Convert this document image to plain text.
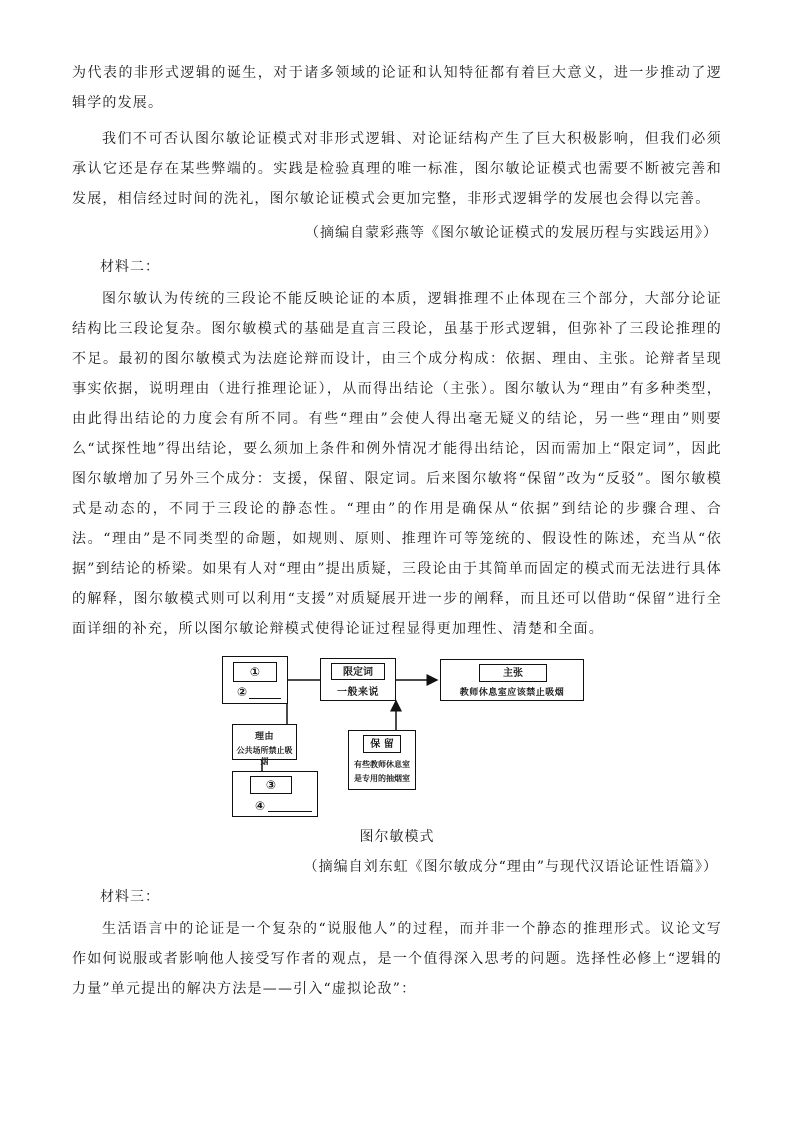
为代表的非形式逻辑的诞生，对于诸多领域的论证和认知特征都有着巨大意义，进一步推动了逻辑学的发展。

我们不可否认图尔敏论证模式对非形式逻辑、对论证结构产生了巨大积极影响，但我们必须承认它还是存在某些弊端的。实践是检验真理的唯一标准，图尔敏论证模式也需要不断被完善和发展，相信经过时间的洗礼，图尔敏论证模式会更加完整，非形式逻辑学的发展也会得以完善。

（摘编自蒙彩燕等《图尔敏论证模式的发展历程与实践运用》）
材料二：

图尔敏认为传统的三段论不能反映论证的本质，逻辑推理不止体现在三个部分，大部分论证结构比三段论复杂。图尔敏模式的基础是直言三段论，虽基于形式逻辑，但弥补了三段论推理的不足。最初的图尔敏模式为法庭论辩而设计，由三个成分构成：依据、理由、主张。论辩者呈现事实依据，说明理由（进行推理论证），从而得出结论（主张）。图尔敏认为“理由”有多种类型，由此得出结论的力度会有所不同。有些“理由”会使人得出毫无疑义的结论，另一些“理由”则要么“试探性地”得出结论，要么须加上条件和例外情况才能得出结论，因而需加上“限定词”，因此图尔敏增加了另外三个成分：支援，保留、限定词。后来图尔敏将“保留”改为“反驳”。图尔敏模式是动态的，不同于三段论的静态性。“理由”的作用是确保从“依据”到结论的步骤合理、合法。“理由”是不同类型的命题，如规则、原则、推理许可等笼统的、假设性的陈述，充当从“依据”到结论的桥梁。如果有人对“理由”提出质疑，三段论由于其简单而固定的模式而无法进行具体的解释，图尔敏模式则可以利用“支援”对质疑展开进一步的阐释，而且还可以借助“保留”进行全面详细的补充，所以图尔敏论辩模式使得论证过程显得更加理性、清楚和全面。

①
②
限定词
一般来说
主张
教师休息室应该禁止吸烟
理由
公共场所禁止吸烟
③
④
保 留
有些教师休息室
是专用的抽烟室
图尔敏模式
（摘编自刘东虹《图尔敏成分“理由”与现代汉语论证性语篇》）
材料三：

生活语言中的论证是一个复杂的“说服他人”的过程，而并非一个静态的推理形式。议论文写作如何说服或者影响他人接受写作者的观点，是一个值得深入思考的问题。选择性必修上“逻辑的力量”单元提出的解决方法是——引入“虚拟论敌”：
